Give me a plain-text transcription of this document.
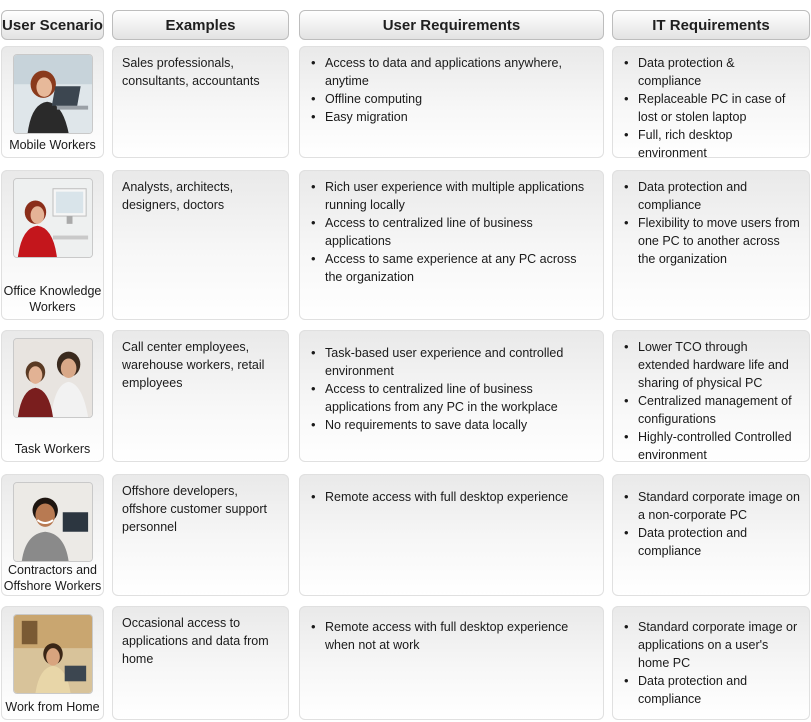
User Scenario	Examples	User Requirements	IT Requirements
Mobile Workers
Sales professionals, consultants, accountants
• Access to data and applications anywhere, anytime
• Offline computing
• Easy migration
• Data protection & compliance
• Replaceable PC in case of lost or stolen laptop
• Full, rich desktop environment
Office Knowledge Workers
Analysts, architects, designers, doctors
• Rich user experience with multiple applications running locally
• Access to centralized line of business applications
• Access to same experience at any PC across the organization
• Data protection and compliance
• Flexibility to move users from one PC to another across the organization
Task Workers
Call center employees, warehouse workers, retail employees
• Task-based user experience and controlled environment
• Access to centralized line of business applications from any PC in the workplace
• No requirements to save data locally
• Lower TCO through extended hardware life and sharing of physical PC
• Centralized management of configurations
• Highly-controlled Controlled environment
Contractors and Offshore Workers
Offshore developers, offshore customer support personnel
• Remote access with full desktop experience
•	Standard corporate image on a non-corporate PC
• Data protection and compliance
Work from Home
Occasional access to applications and data from home
• Remote access with full desktop experience when not at work
• Standard corporate image or applications on a user's home PC
• Data protection and compliance
